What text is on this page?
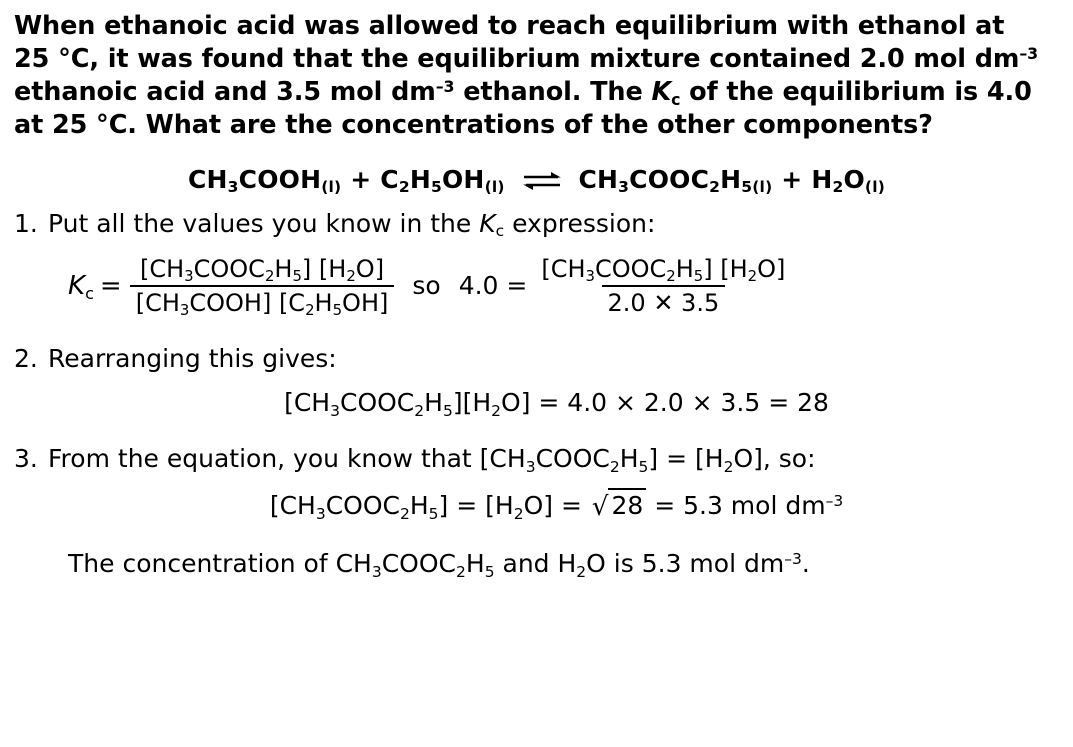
When ethanoic acid was allowed to reach equilibrium with ethanol at
25 °C, it was found that the equilibrium mixture contained 2.0 mol $dm^{-3}$
ethanoic acid and 3.5 mol $dm^{-3}$ ethanol. The $K_c$ of the equilibrium is 4.0
at 25 °C. What are the concentrations of the other components?
$CH_3COOH_{(l)} + C_2H_5OH_{(l)}$ ⇌ $CH_3COOC_2H_{5(l)} + H_2O_{(l)}$
1. Put all the values you know in the $K_c$ expression:
$K_c = \frac{[CH_3COOC_2H_5] [H_2O]}{[CH_3COOH] [C_2H_5OH]}$ so $4.0 = \frac{[CH_3COOC_2H_5] [H_2O]}{2.0 ✕ 3.5}$
2. Rearranging this gives:
$[CH_3COOC_2H_5][H_2O] = 4.0 \times 2.0 \times 3.5 = 28$
3. From the equation, you know that $[CH_3COOC_2H_5] = [H_2O]$, so:
$[CH_3COOC_2H_5] = [H_2O]$ = √ 28 = 5.3 mol $dm^{-3}$
The concentration of $CH_3COOC_2H_5$ and $H_2O$ is 5.3 mol $dm^{-3}$.
